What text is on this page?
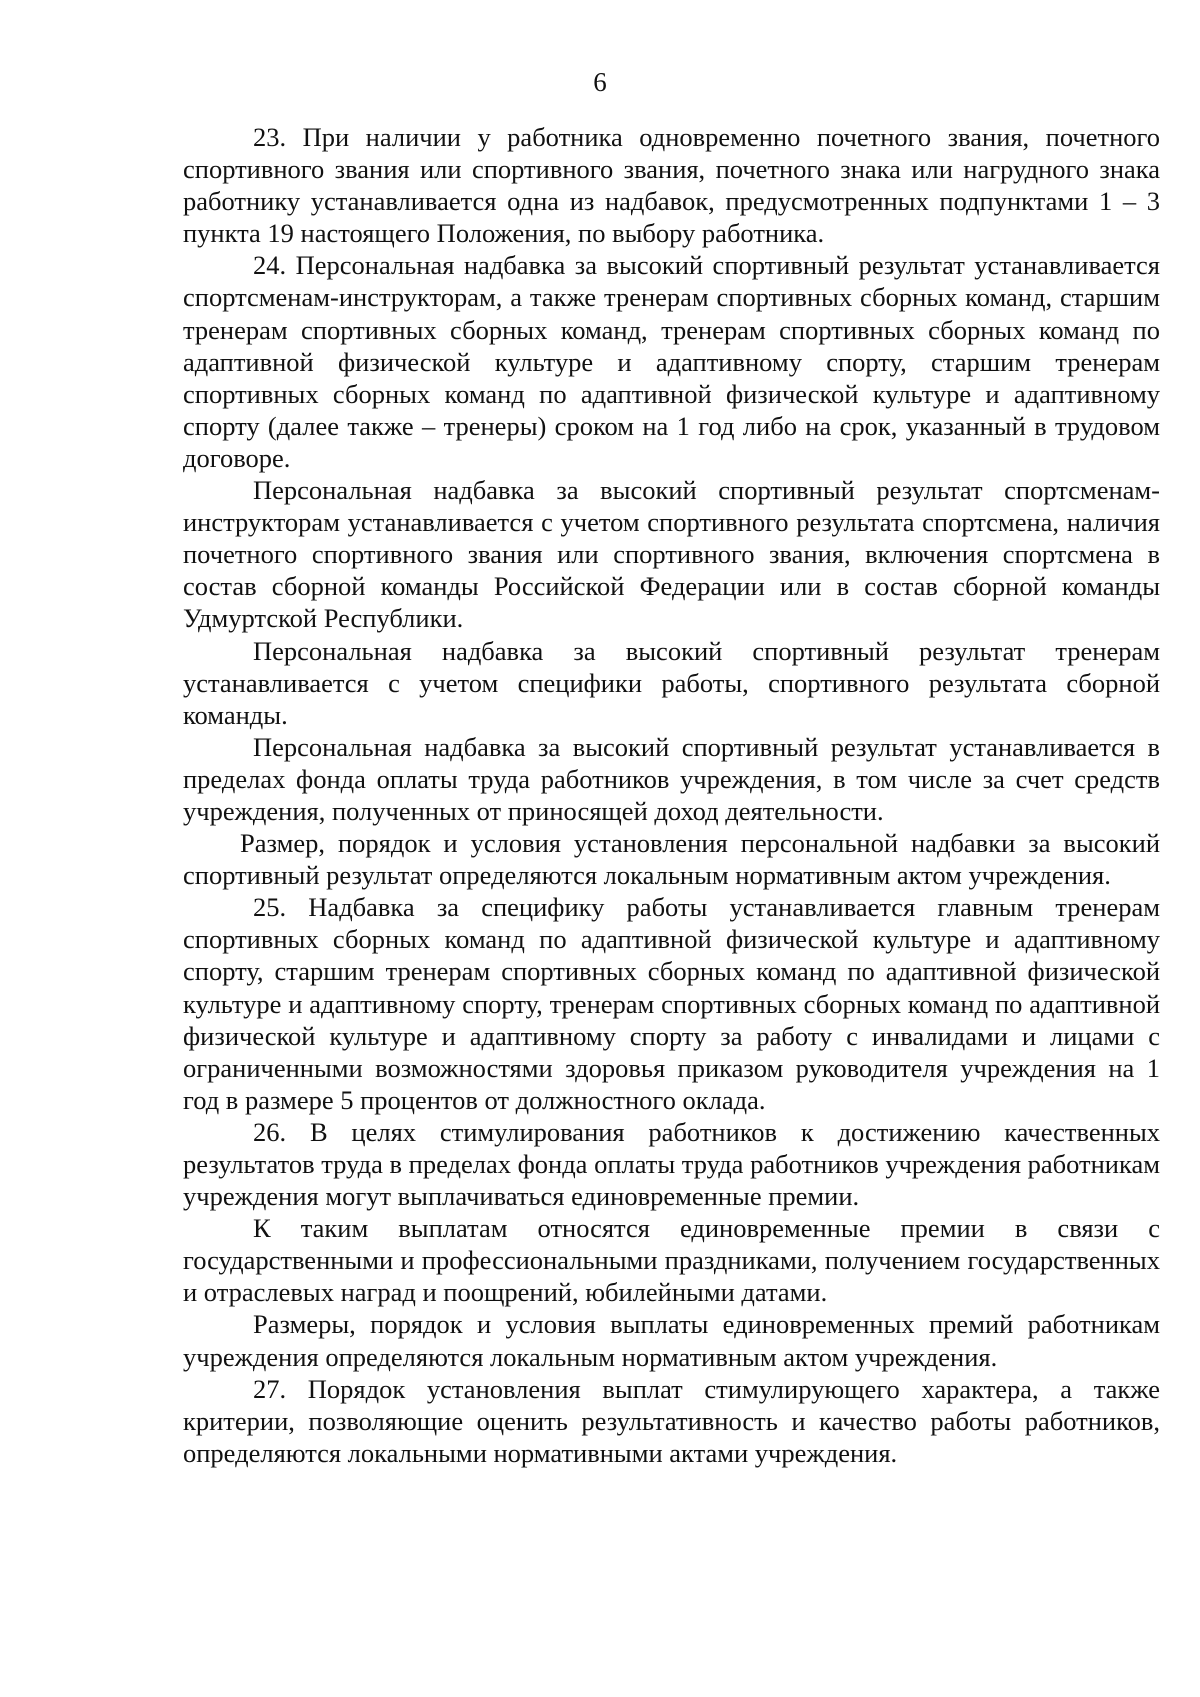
6

23. При наличии у работника одновременно почетного звания, почетного спортивного звания или спортивного звания, почетного знака или нагрудного знака работнику устанавливается одна из надбавок, предусмотренных подпунктами 1 – 3 пункта 19 настоящего Положения, по выбору работника.

24. Персональная надбавка за высокий спортивный результат устанавливается спортсменам-инструкторам, а также тренерам спортивных сборных команд, старшим тренерам спортивных сборных команд, тренерам спортивных сборных команд по адаптивной физической культуре и адаптивному спорту, старшим тренерам спортивных сборных команд по адаптивной физической культуре и адаптивному спорту (далее также – тренеры) сроком на 1 год либо на срок, указанный в трудовом договоре.

Персональная надбавка за высокий спортивный результат спортсменам-инструкторам устанавливается с учетом спортивного результата спортсмена, наличия почетного спортивного звания или спортивного звания, включения спортсмена в состав сборной команды Российской Федерации или в состав сборной команды Удмуртской Республики.

Персональная надбавка за высокий спортивный результат тренерам устанавливается с учетом специфики работы, спортивного результата сборной команды.

Персональная надбавка за высокий спортивный результат устанавливается в пределах фонда оплаты труда работников учреждения, в том числе за счет средств учреждения, полученных от приносящей доход деятельности.

Размер, порядок и условия установления персональной надбавки за высокий спортивный результат определяются локальным нормативным актом учреждения.

25. Надбавка за специфику работы устанавливается главным тренерам спортивных сборных команд по адаптивной физической культуре и адаптивному спорту, старшим тренерам спортивных сборных команд по адаптивной физической культуре и адаптивному спорту, тренерам спортивных сборных команд по адаптивной физической культуре и адаптивному спорту за работу с инвалидами и лицами с ограниченными возможностями здоровья приказом руководителя учреждения на 1 год в размере 5 процентов от должностного оклада.

26. В целях стимулирования работников к достижению качественных результатов труда в пределах фонда оплаты труда работников учреждения работникам учреждения могут выплачиваться единовременные премии.

К таким выплатам относятся единовременные премии в связи с государственными и профессиональными праздниками, получением государственных и отраслевых наград и поощрений, юбилейными датами.

Размеры, порядок и условия выплаты единовременных премий работникам учреждения определяются локальным нормативным актом учреждения.

27. Порядок установления выплат стимулирующего характера, а также критерии, позволяющие оценить результативность и качество работы работников, определяются локальными нормативными актами учреждения.
